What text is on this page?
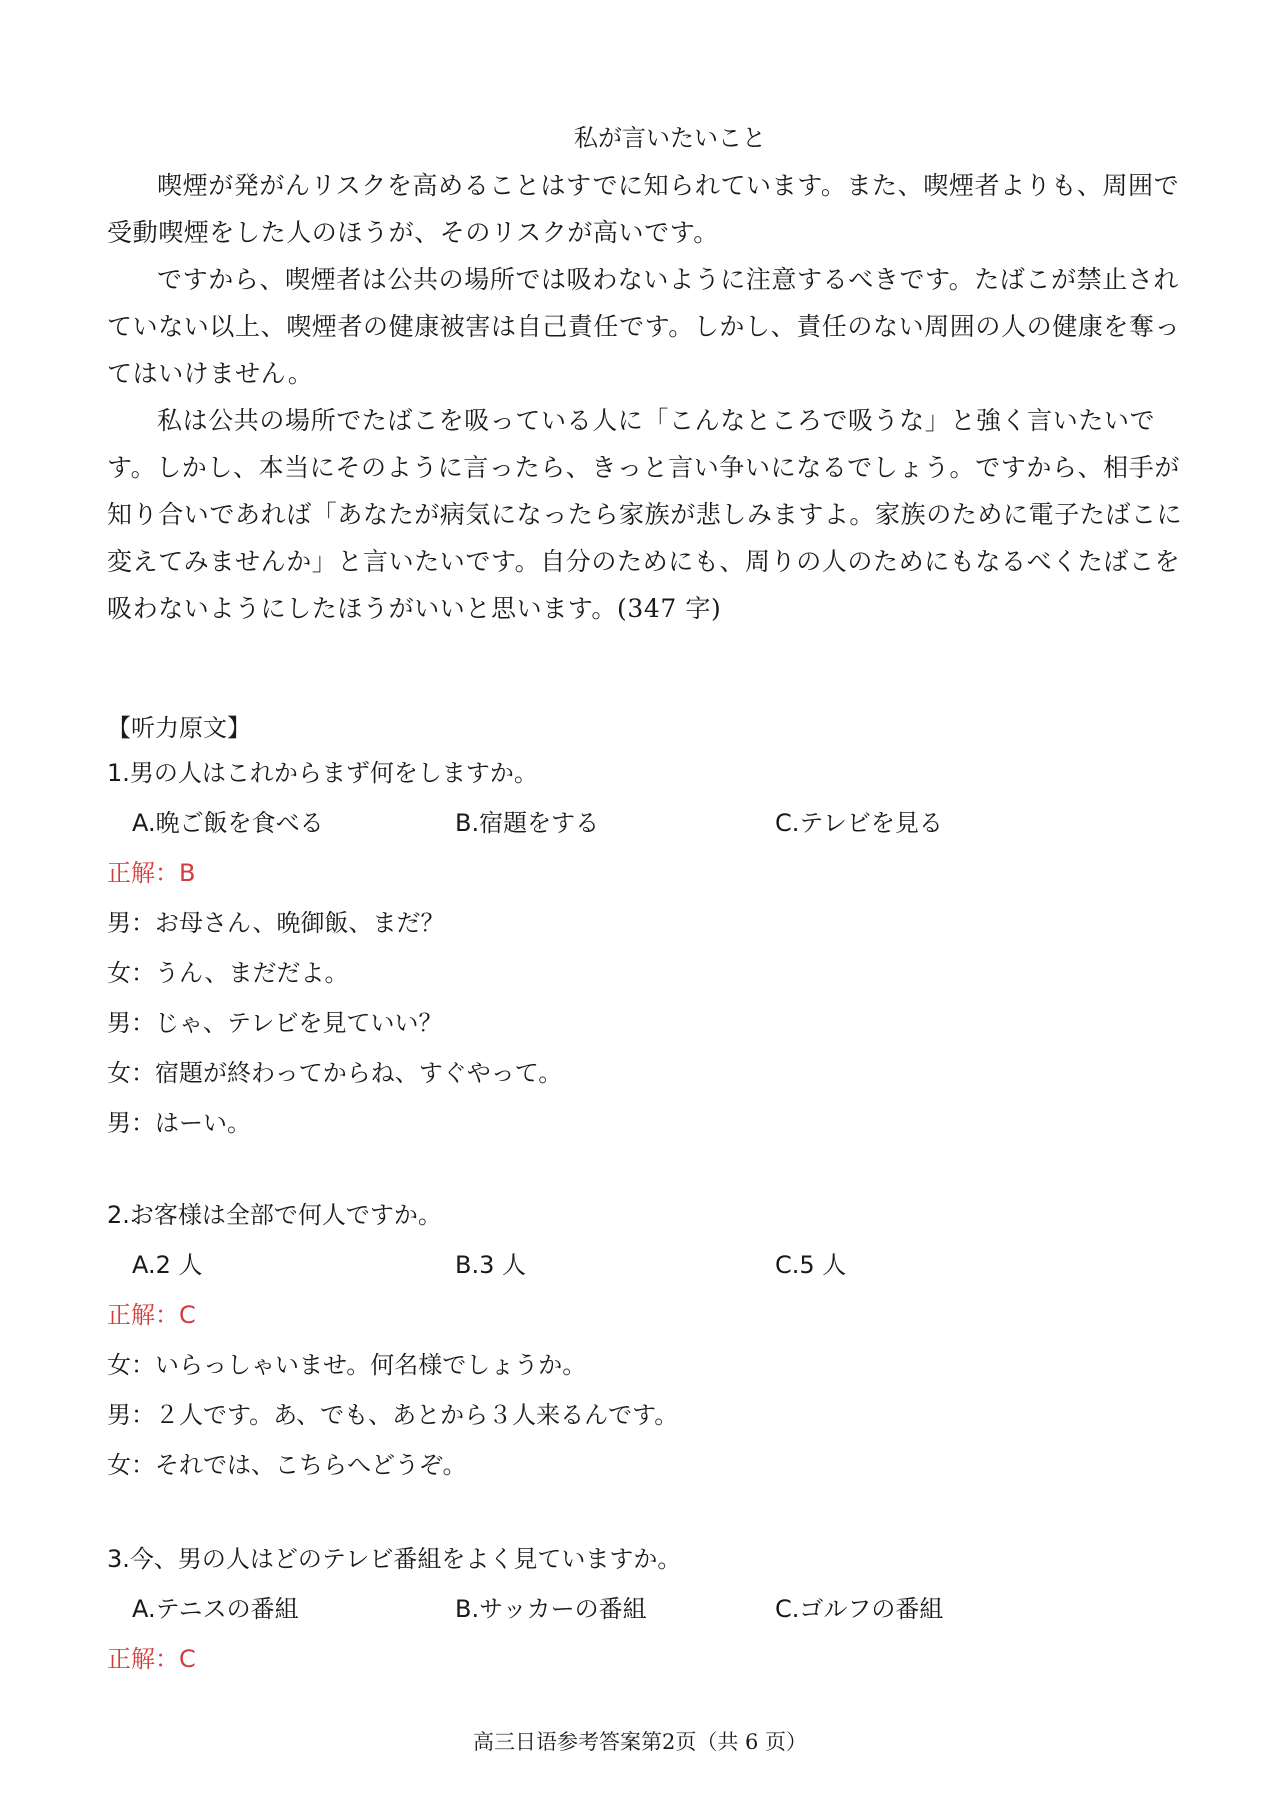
私が言いたいこと

喫煙が発がんリスクを高めることはすでに知られています。また、喫煙者よりも、周囲で受動喫煙をした人のほうが、そのリスクが高いです。

ですから、喫煙者は公共の場所では吸わないように注意するべきです。たばこが禁止されていない以上、喫煙者の健康被害は自己責任です。しかし、責任のない周囲の人の健康を奪ってはいけません。

私は公共の場所でたばこを吸っている人に「こんなところで吸うな」と強く言いたいです。しかし、本当にそのように言ったら、きっと言い争いになるでしょう。ですから、相手が知り合いであれば「あなたが病気になったら家族が悲しみますよ。家族のために電子たばこに変えてみませんか」と言いたいです。自分のためにも、周りの人のためにもなるべくたばこを吸わないようにしたほうがいいと思います。(347 字)

【听力原文】
1.男の人はこれからまず何をしますか。
A.晩ご飯を食べる	B.宿題をする	C.テレビを見る
正解：B
男：お母さん、晩御飯、まだ？
女：うん、まだだよ。
男：じゃ、テレビを見ていい？
女：宿題が終わってからね、すぐやって。
男：はーい。
2.お客様は全部で何人ですか。
A.2 人	B.3 人	C.5 人
正解：C
女：いらっしゃいませ。何名様でしょうか。
男：２人です。あ、でも、あとから３人来るんです。
女：それでは、こちらへどうぞ。
3.今、男の人はどのテレビ番組をよく見ていますか。
A.テニスの番組	B.サッカーの番組	C.ゴルフの番組
正解：C
高三日语参考答案第2页（共 6 页）
